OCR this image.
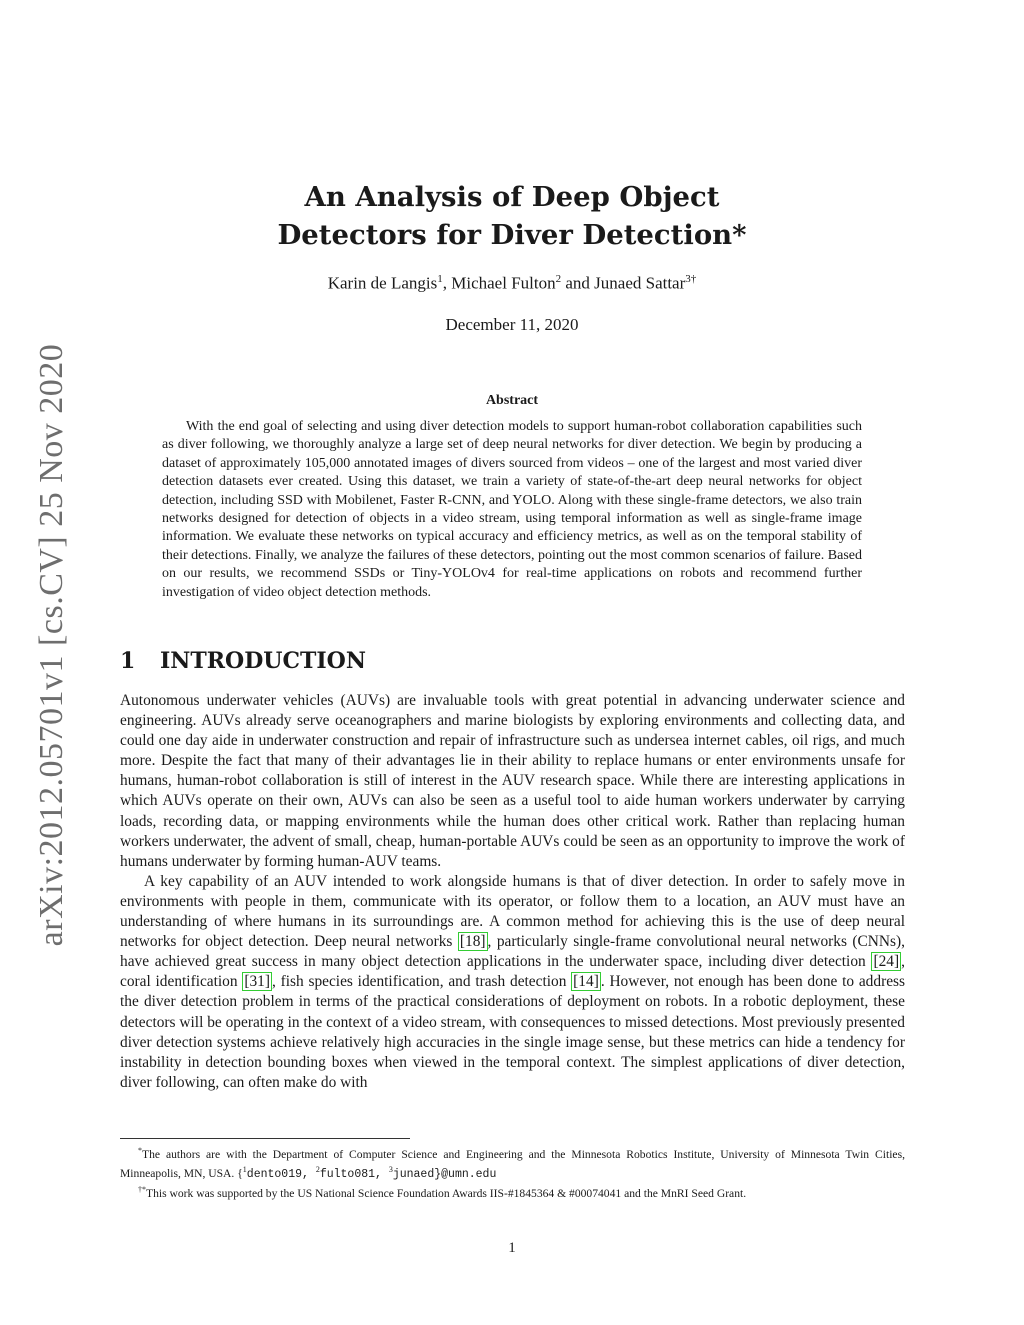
arXiv:2012.05701v1 [cs.CV] 25 Nov 2020
An Analysis of Deep Object
Detectors for Diver Detection*
Karin de Langis$^1$, Michael Fulton$^2$ and Junaed Sattar$^{3\dagger}$
December 11, 2020
Abstract
With the end goal of selecting and using diver detection models to support human-robot collaboration capabilities such as diver following, we thoroughly analyze a large set of deep neural networks for diver detection. We begin by producing a dataset of approximately 105,000 annotated images of divers sourced from videos – one of the largest and most varied diver detection datasets ever created. Using this dataset, we train a variety of state-of-the-art deep neural networks for object detection, including SSD with Mobilenet, Faster R-CNN, and YOLO. Along with these single-frame detectors, we also train networks designed for detection of objects in a video stream, using temporal information as well as single-frame image information. We evaluate these networks on typical accuracy and efficiency metrics, as well as on the temporal stability of their detections. Finally, we analyze the failures of these detectors, pointing out the most common scenarios of failure. Based on our results, we recommend SSDs or Tiny-YOLOv4 for real-time applications on robots and recommend further investigation of video object detection methods.
1 INTRODUCTION

Autonomous underwater vehicles (AUVs) are invaluable tools with great potential in advancing underwater science and engineering. AUVs already serve oceanographers and marine biologists by exploring environments and collecting data, and could one day aide in underwater construction and repair of infrastructure such as undersea internet cables, oil rigs, and much more. Despite the fact that many of their advantages lie in their ability to replace humans or enter environments unsafe for humans, human-robot collaboration is still of interest in the AUV research space. While there are interesting applications in which AUVs operate on their own, AUVs can also be seen as a useful tool to aide human workers underwater by carrying loads, recording data, or mapping environments while the human does other critical work. Rather than replacing human workers underwater, the advent of small, cheap, human-portable AUVs could be seen as an opportunity to improve the work of humans underwater by forming human-AUV teams.

A key capability of an AUV intended to work alongside humans is that of diver detection. In order to safely move in environments with people in them, communicate with its operator, or follow them to a location, an AUV must have an understanding of where humans in its surroundings are. A common method for achieving this is the use of deep neural networks for object detection. Deep neural networks [18] , particularly single-frame convolutional neural networks (CNNs), have achieved great success in many object detection applications in the underwater space, including diver detection [24] , coral identification [31] , fish species identification, and trash detection [14] . However, not enough has been done to address the diver detection problem in terms of the practical considerations of deployment on robots. In a robotic deployment, these detectors will be operating in the context of a video stream, with consequences to missed detections. Most previously presented diver detection systems achieve relatively high accuracies in the single image sense, but these metrics can hide a tendency for instability in detection bounding boxes when viewed in the temporal context. The simplest applications of diver detection, diver following, can often make do with

*The authors are with the Department of Computer Science and Engineering and the Minnesota Robotics Institute, University of Minnesota Twin Cities, Minneapolis, MN, USA. {$^1$dento019, $^2$fulto081, $^3$junaed}@umn.edu

†*This work was supported by the US National Science Foundation Awards IIS-#1845364 & #00074041 and the MnRI Seed Grant.

1
